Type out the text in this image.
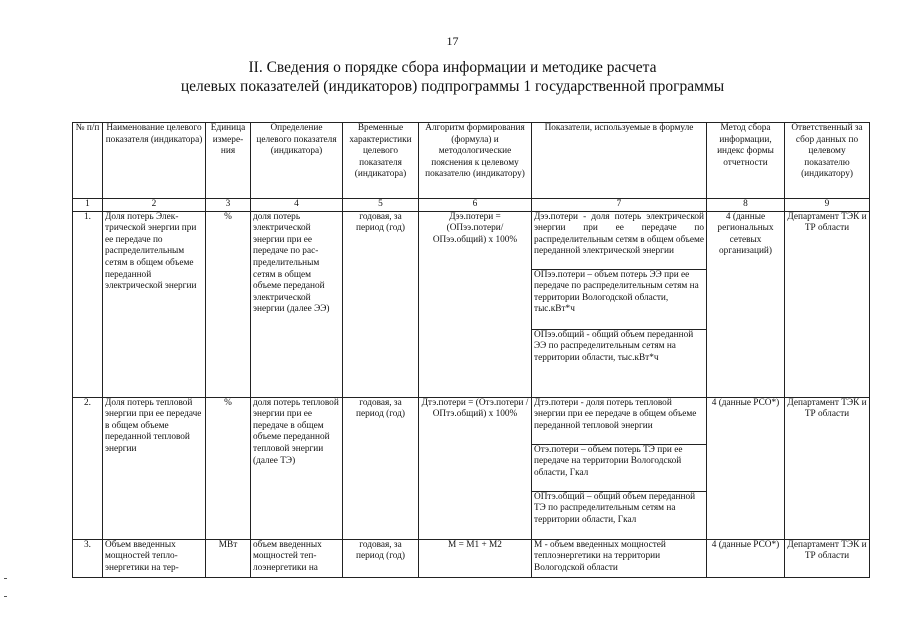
17
II. Сведения о порядке сбора информации и методике расчета
целевых показателей (индикаторов) подпрограммы 1 государственной программы
№ п/п	Наименование целевого показателя (индикатора)	Единица измерения	Определение целевого показателя (индикатора)	Временные характеристики целевого показателя (индикатора)	Алгоритм формирования (формула) и методологические пояснения к целевому показателю (индикатору)	Показатели, используемые в формуле	Метод сбора информации, индекс формы отчетности	Ответственный за сбор данных по целевому показателю (индикатору)
1	2	3	4	5	6	7	8	9
1.	Доля потерь Электрической энергии при ее передаче по распределительным сетям в общем объеме переданной электрической энергии	%	доля потерь электрической энергии при ее передаче по распределительным сетям в общем объеме переданой электрической энергии (далее ЭЭ)	годовая, за период (год)	Дээ.потери = (ОПээ.потери/ ОПээ.общий) x 100%	Дээ.потери - доля потерь электрической энергии при ее передаче по распределительным сетям в общем объеме переданной электрической энергии
ОПээ.потери – объем потерь ЭЭ при ее передаче по распределительным сетям на территории Вологодской области, тыс.кВт*ч
ОПээ.общий - общий объем переданной ЭЭ по распределительным сетям на территории области, тыс.кВт*ч	4 (данные региональных сетевых организаций)	Департамент ТЭК и ТР области
2.	Доля потерь тепловой энергии при ее передаче в общем объеме переданной тепловой энергии	%	доля потерь тепловой энергии при ее передаче в общем объеме переданной тепловой энергии (далее ТЭ)	годовая, за период (год)	Дтэ.потери = (Отэ.потери / ОПтэ.общий) x 100%	Дтэ.потери - доля потерь тепловой энергии при ее передаче в общем объеме переданной тепловой энергии
Отэ.потери – объем потерь ТЭ при ее передаче на территории Вологодской области, Гкал
ОПтэ.общий – общий объем переданной ТЭ по распределительным сетям на территории области, Гкал	4 (данные РСО*)	Департамент ТЭК и ТР области
3.	Объем введенных мощностей теплоэнергетики на тер-	МВт	объем введенных мощностей теплоэнергетики на	годовая, за период (год)	М = М1 + М2	М - объем введенных мощностей теплоэнергетики на территории Вологодской области	4 (данные РСО*)	Департамент ТЭК и ТР области
